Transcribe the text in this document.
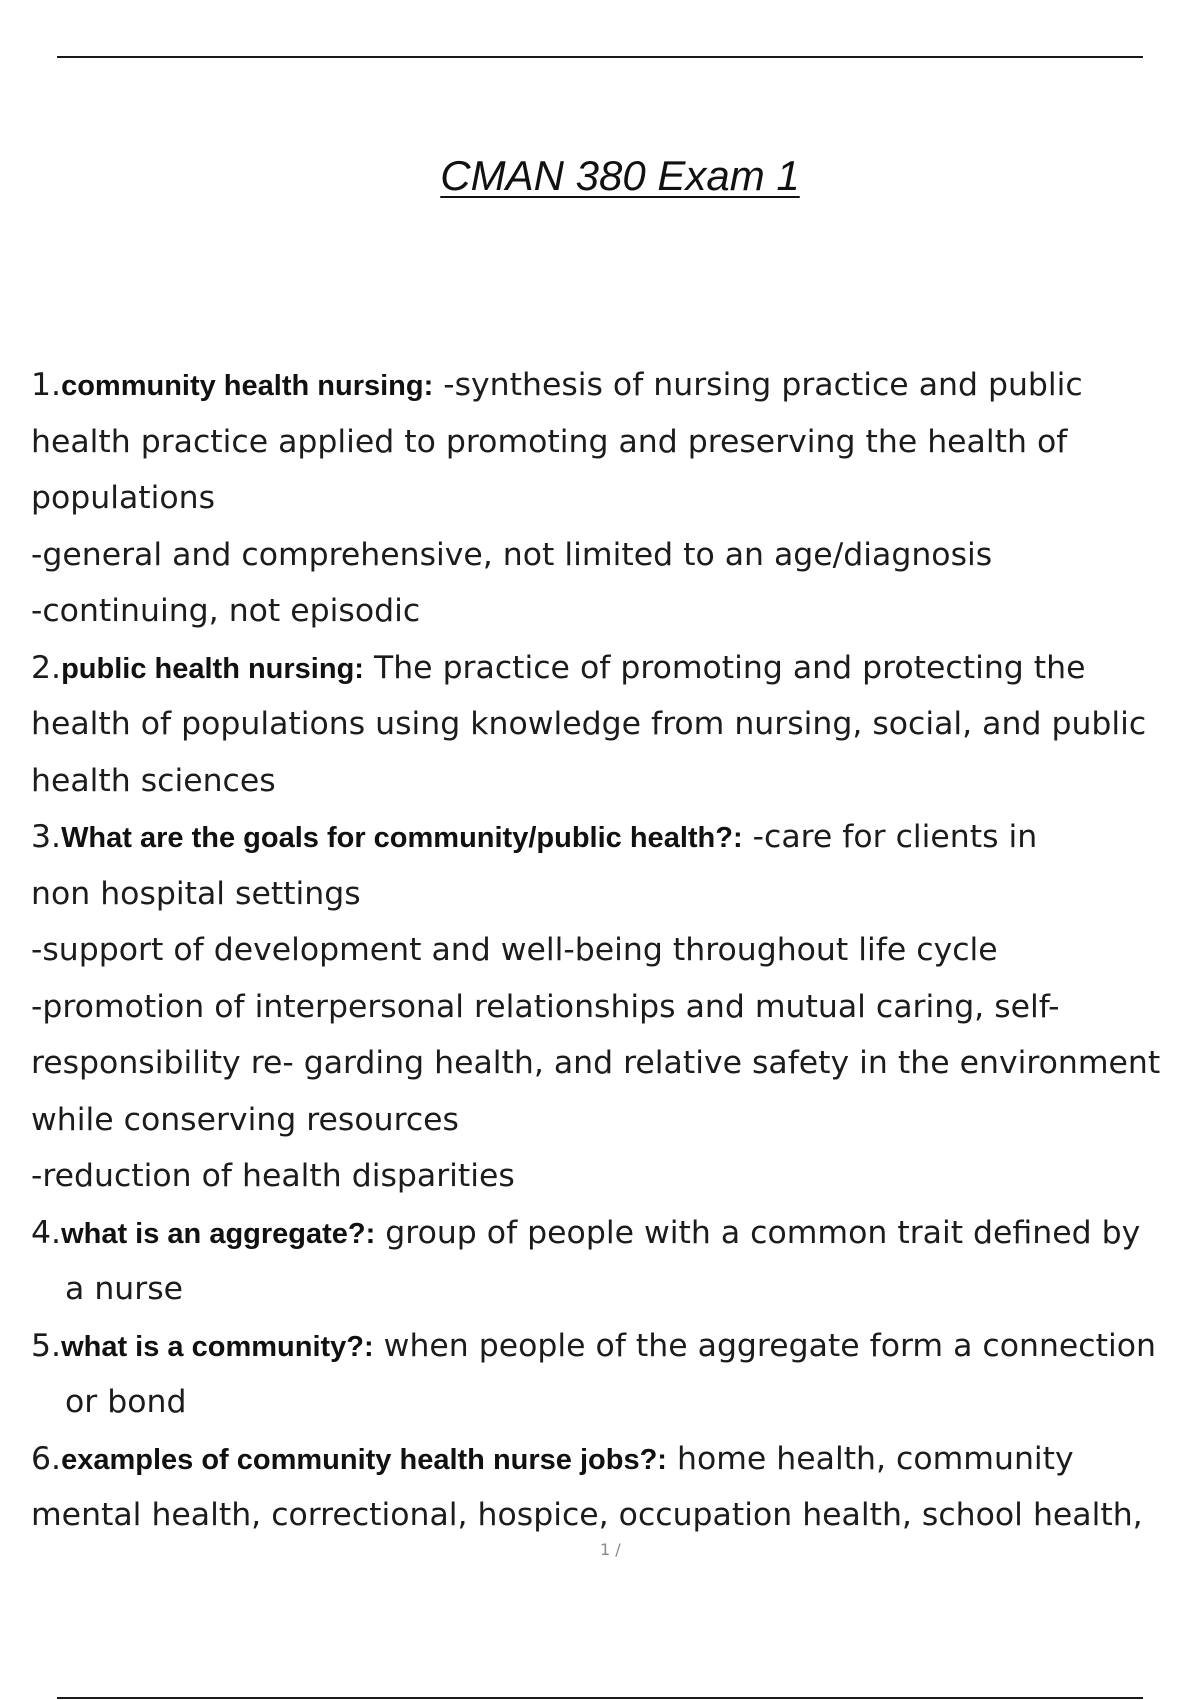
CMAN 380 Exam 1
1.community health nursing: -synthesis of nursing practice and public
health practice applied to promoting and preserving the health of
populations
-general and comprehensive, not limited to an age/diagnosis
-continuing, not episodic
2.public health nursing: The practice of promoting and protecting the
health of populations using knowledge from nursing, social, and public
health sciences
3.What are the goals for community/public health?: -care for clients in
non hospital settings
-support of development and well-being throughout life cycle
-promotion of interpersonal relationships and mutual caring, self-
responsibility re- garding health, and relative safety in the environment
while conserving resources
-reduction of health disparities
4.what is an aggregate?: group of people with a common trait defined by
a nurse
5.what is a community?: when people of the aggregate form a connection
or bond
6.examples of community health nurse jobs?: home health, community
mental health, correctional, hospice, occupation health, school health,
1 /
